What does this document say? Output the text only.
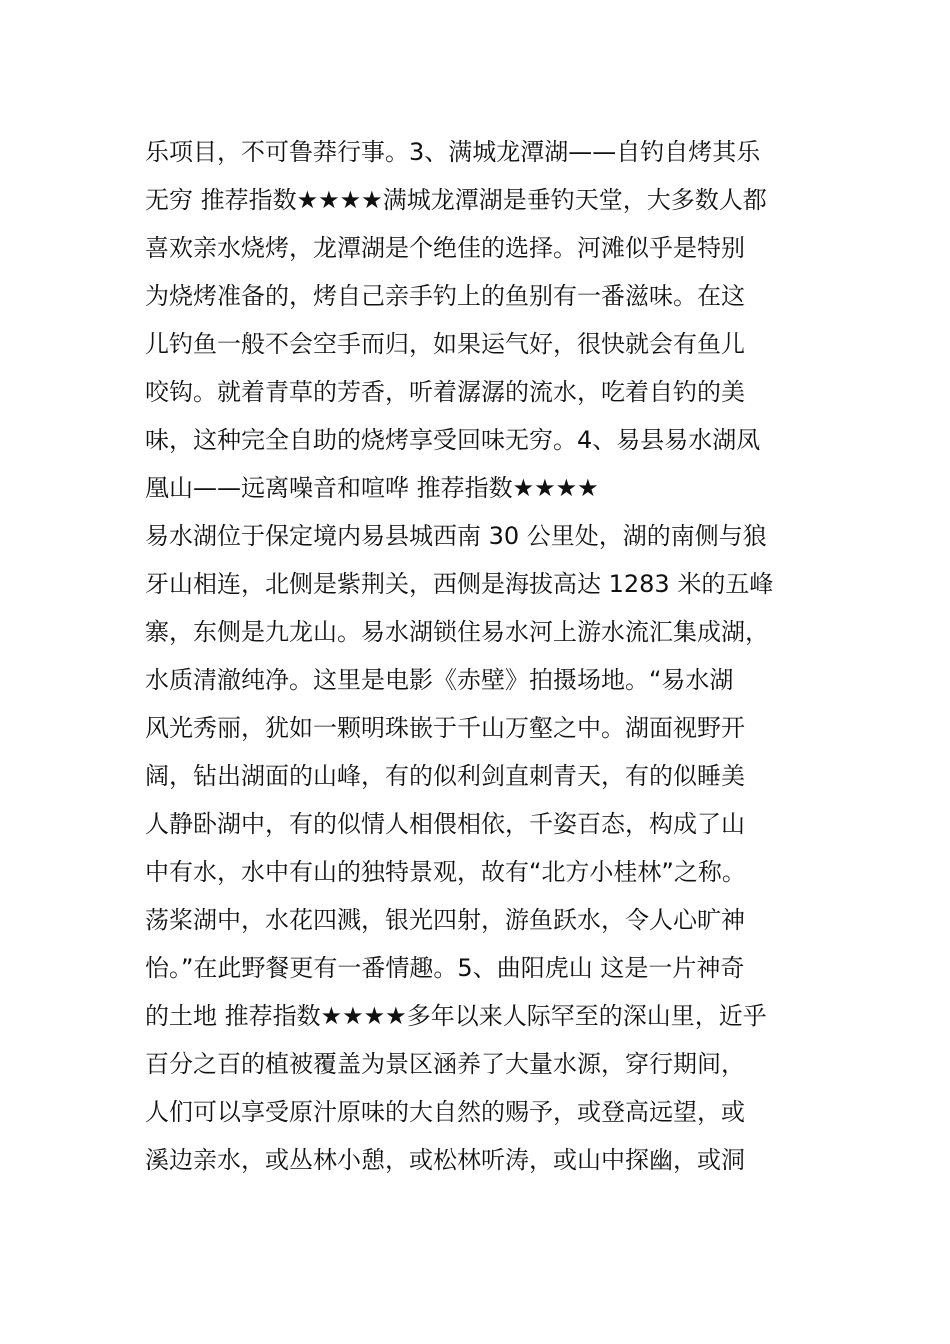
乐项目，不可鲁莽行事。3、满城龙潭湖——自钓自烤其乐

无穷 推荐指数★★★★满城龙潭湖是垂钓天堂，大多数人都

喜欢亲水烧烤，龙潭湖是个绝佳的选择。河滩似乎是特别

为烧烤准备的，烤自己亲手钓上的鱼别有一番滋味。在这

儿钓鱼一般不会空手而归，如果运气好，很快就会有鱼儿

咬钩。就着青草的芳香，听着潺潺的流水，吃着自钓的美

味，这种完全自助的烧烤享受回味无穷。4、易县易水湖凤

凰山——远离噪音和喧哗 推荐指数★★★★

易水湖位于保定境内易县城西南 30 公里处，湖的南侧与狼

牙山相连，北侧是紫荆关，西侧是海拔高达 1283 米的五峰

寨，东侧是九龙山。易水湖锁住易水河上游水流汇集成湖，

水质清澈纯净。这里是电影《赤壁》拍摄场地。“易水湖

风光秀丽，犹如一颗明珠嵌于千山万壑之中。湖面视野开

阔，钻出湖面的山峰，有的似利剑直刺青天，有的似睡美

人静卧湖中，有的似情人相偎相依，千姿百态，构成了山

中有水，水中有山的独特景观，故有“北方小桂林”之称。

荡桨湖中，水花四溅，银光四射，游鱼跃水，令人心旷神

怡。”在此野餐更有一番情趣。5、曲阳虎山 这是一片神奇

的土地 推荐指数★★★★多年以来人际罕至的深山里，近乎

百分之百的植被覆盖为景区涵养了大量水源，穿行期间，

人们可以享受原汁原味的大自然的赐予，或登高远望，或

溪边亲水，或丛林小憩，或松林听涛，或山中探幽，或洞
